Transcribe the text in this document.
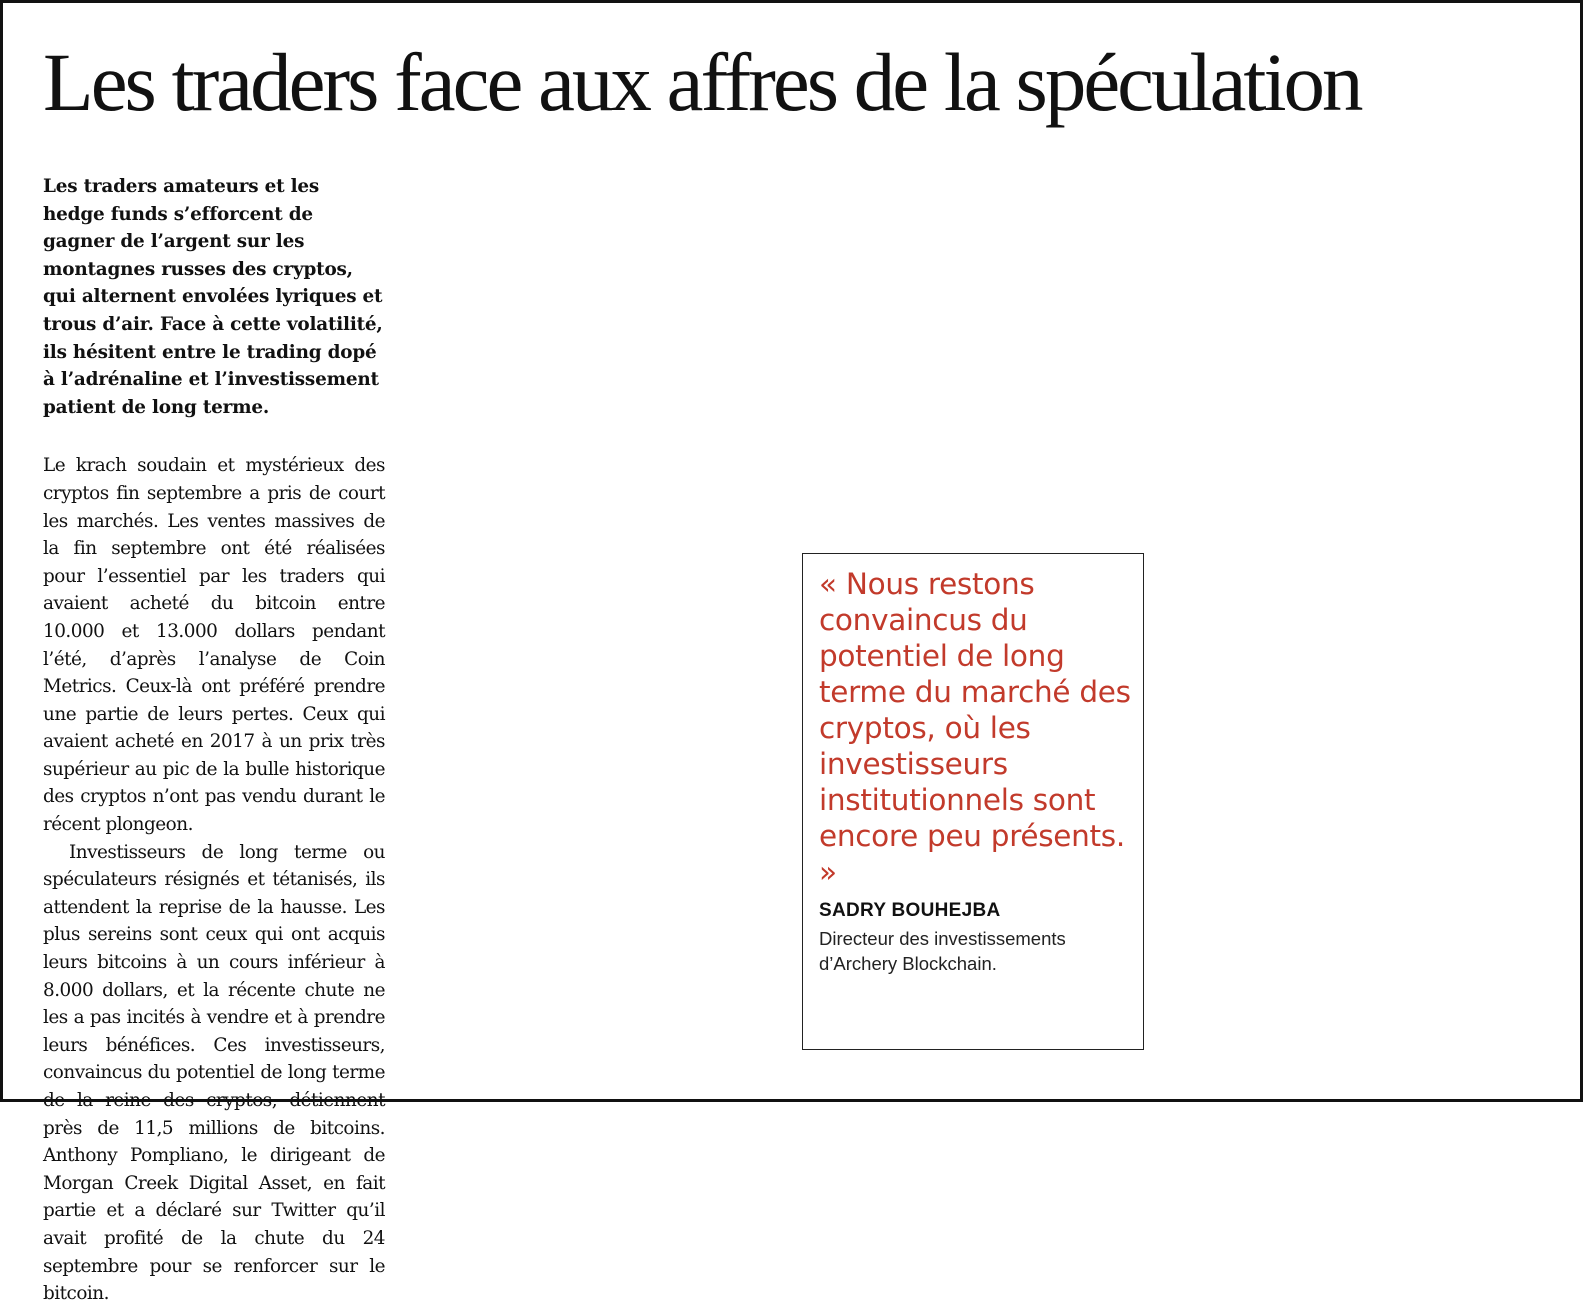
Les traders face aux affres de la spéculation

Les traders amateurs et les hedge funds s’efforcent de gagner de l’argent sur les montagnes russes des cryptos, qui alternent envolées lyriques et trous d’air. Face à cette volatilité, ils hésitent entre le trading dopé à l’adrénaline et l’investissement patient de long terme.

Le krach soudain et mystérieux des cryptos fin septembre a pris de court les marchés. Les ventes massives de la fin septembre ont été réalisées pour l’essentiel par les traders qui avaient acheté du bitcoin entre 10.000 et 13.000 dollars pendant l’été, d’après l’analyse de Coin Metrics. Ceux-là ont préféré prendre une partie de leurs pertes. Ceux qui avaient acheté en 2017 à un prix très supérieur au pic de la bulle historique des cryptos n’ont pas vendu durant le récent plongeon.

Investisseurs de long terme ou spéculateurs résignés et tétanisés, ils attendent la reprise de la hausse. Les plus sereins sont ceux qui ont acquis leurs bitcoins à un cours inférieur à 8.000 dollars, et la récente chute ne les a pas incités à vendre et à prendre leurs bénéfices. Ces investisseurs, convaincus du potentiel de long terme de la reine des cryptos, détiennent près de 11,5 millions de bitcoins. Anthony Pompliano, le dirigeant de Morgan Creek Digital Asset, en fait partie et a déclaré sur Twitter qu’il avait profité de la chute du 24 septembre pour se renforcer sur le bitcoin.

« Nous restons convaincus du potentiel de long terme du marché des cryptos, où les investisseurs institutionnels sont encore peu présents. »

SADRY BOUHEJBA

Directeur des investissements d’Archery Blockchain.
